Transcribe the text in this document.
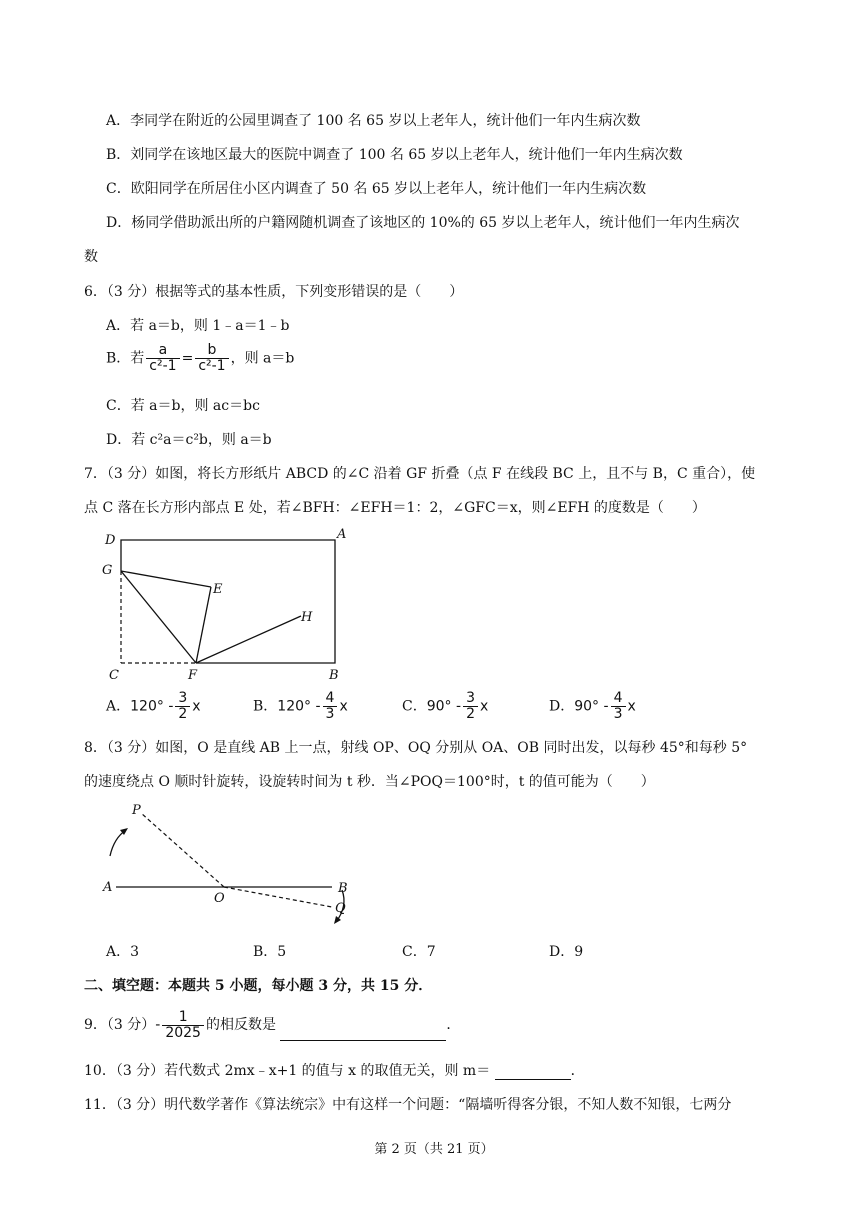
A．李同学在附近的公园里调查了 100 名 65 岁以上老年人，统计他们一年内生病次数
B．刘同学在该地区最大的医院中调查了 100 名 65 岁以上老年人，统计他们一年内生病次数
C．欧阳同学在所居住小区内调查了 50 名 65 岁以上老年人，统计他们一年内生病次数
D．杨同学借助派出所的户籍网随机调查了该地区的 10%的 65 岁以上老年人，统计他们一年内生病次
数
6．（3 分）根据等式的基本性质，下列变形错误的是（　　）
A．若 a＝b，则 1﹣a＝1﹣b
B．若 $\frac{a}{\text{c²-1}} = \frac{b}{\text{c²-1}}$ ，则 a＝b
C．若 a＝b，则 ac＝bc
D．若 c²a＝c²b，则 a＝b
7．（3 分）如图，将长方形纸片 ABCD 的∠C 沿着 GF 折叠（点 F 在线段 BC 上，且不与 B，C 重合），使
点 C 落在长方形内部点 E 处，若∠BFH：∠EFH＝1：2，∠GFC＝x，则∠EFH 的度数是（　　）
D	A
G
E
H
C	F	B
A．$120^\circ - \frac{3}{2}$ x	B．$120^\circ - \frac{4}{3}$ x	C．$90^\circ - \frac{3}{2}$ x	D．$90^\circ - \frac{4}{3}$ x
8．（3 分）如图，O 是直线 AB 上一点，射线 OP、OQ 分别从 OA、OB 同时出发，以每秒 45°和每秒 5°
的速度绕点 O 顺时针旋转，设旋转时间为 t 秒．当∠POQ＝100°时，t 的值可能为（　　）
P
A
O
B
Q
A．3	B．5	C．7	D．9
二、填空题：本题共 5 小题，每小题 3 分，共 15 分．
9．（3 分）- $\frac{1}{2025}$ 的相反数是	．
10．（3 分）若代数式 2mx﹣x+1 的值与 x 的取值无关，则 m＝	．
11．（3 分）明代数学著作《算法统宗》中有这样一个问题：“隔墙听得客分银，不知人数不知银，七两分
第 2 页（共 21 页）
